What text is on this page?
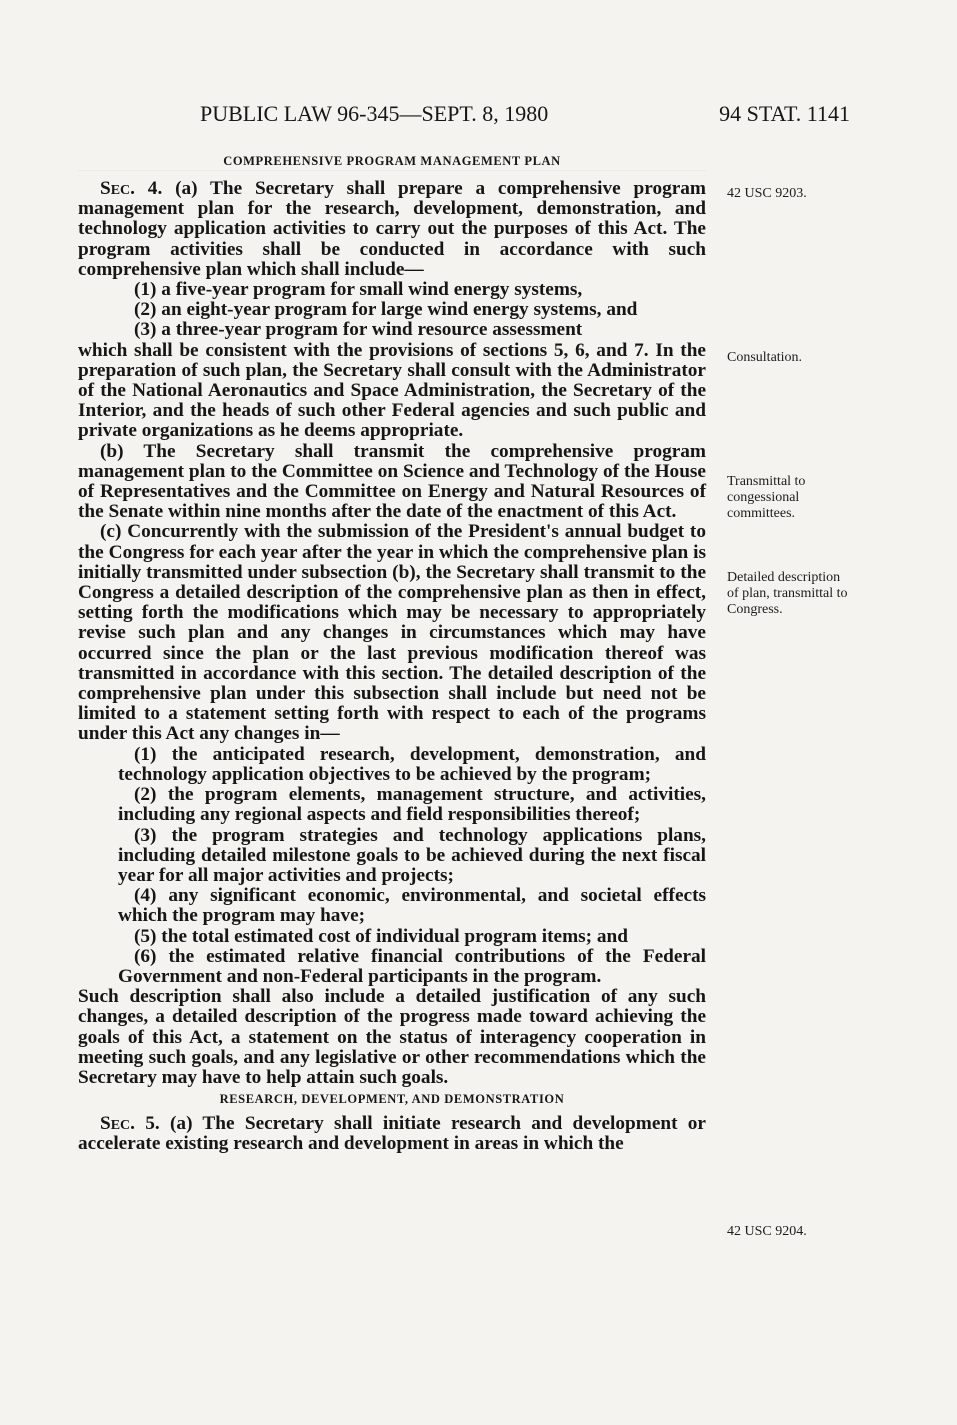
PUBLIC LAW 96-345—SEPT. 8, 1980	94 STAT. 1141

COMPREHENSIVE PROGRAM MANAGEMENT PLAN

Sec. 4. (a) The Secretary shall prepare a comprehensive program management plan for the research, development, demonstration, and technology application activities to carry out the purposes of this Act. The program activities shall be conducted in accordance with such comprehensive plan which shall include—

(1) a five-year program for small wind energy systems,

(2) an eight-year program for large wind energy systems, and

(3) a three-year program for wind resource assessment

which shall be consistent with the provisions of sections 5, 6, and 7. In the preparation of such plan, the Secretary shall consult with the Administrator of the National Aeronautics and Space Administration, the Secretary of the Interior, and the heads of such other Federal agencies and such public and private organizations as he deems appropriate.

(b) The Secretary shall transmit the comprehensive program management plan to the Committee on Science and Technology of the House of Representatives and the Committee on Energy and Natural Resources of the Senate within nine months after the date of the enactment of this Act.

(c) Concurrently with the submission of the President's annual budget to the Congress for each year after the year in which the comprehensive plan is initially transmitted under subsection (b), the Secretary shall transmit to the Congress a detailed description of the comprehensive plan as then in effect, setting forth the modifications which may be necessary to appropriately revise such plan and any changes in circumstances which may have occurred since the plan or the last previous modification thereof was transmitted in accordance with this section. The detailed description of the comprehensive plan under this subsection shall include but need not be limited to a statement setting forth with respect to each of the programs under this Act any changes in—

(1) the anticipated research, development, demonstration, and technology application objectives to be achieved by the program;

(2) the program elements, management structure, and activities, including any regional aspects and field responsibilities thereof;

(3) the program strategies and technology applications plans, including detailed milestone goals to be achieved during the next fiscal year for all major activities and projects;

(4) any significant economic, environmental, and societal effects which the program may have;

(5) the total estimated cost of individual program items; and

(6) the estimated relative financial contributions of the Federal Government and non-Federal participants in the program.

Such description shall also include a detailed justification of any such changes, a detailed description of the progress made toward achieving the goals of this Act, a statement on the status of interagency cooperation in meeting such goals, and any legislative or other recommendations which the Secretary may have to help attain such goals.

RESEARCH, DEVELOPMENT, AND DEMONSTRATION

Sec. 5. (a) The Secretary shall initiate research and development or accelerate existing research and development in areas in which the

42 USC 9203.
Consultation.
Transmittal to congessional committees.
Detailed description of plan, transmittal to Congress.
42 USC 9204.
